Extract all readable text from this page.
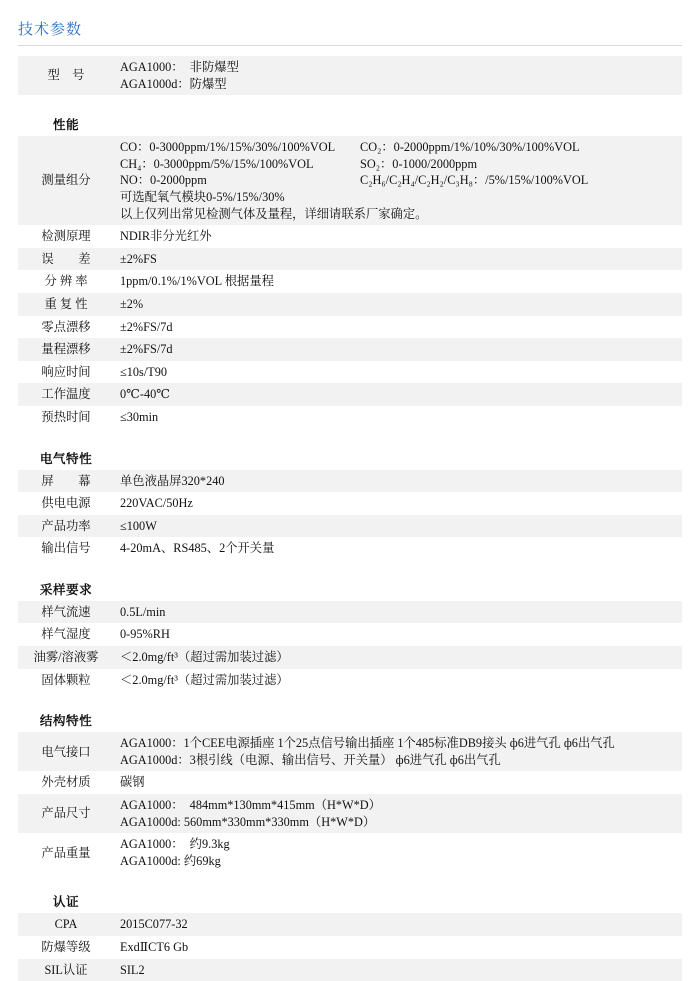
技术参数
型　号	AGA1000：　非防爆型
AGA1000d：防爆型

性能	

测量组分	
CO：0-3000ppm/1%/15%/30%/100%VOL	CO₂：0-2000ppm/1%/10%/30%/100%VOL
CH₄：0-3000ppm/5%/15%/100%VOL	SO₂：0-1000/2000ppm
NO：0-2000ppm	C₂H₆/C₂H₄/C₂H₂/C₃H₈：/5%/15%/100%VOL
可选配氧气模块0-5%/15%/30%
以上仅列出常见检测气体及量程，详细请联系厂家确定。

检测原理	NDIR非分光红外
误　　差	±2%FS
分 辨 率	1ppm/0.1%/1%VOL 根据量程
重 复 性	±2%
零点漂移	±2%FS/7d
量程漂移	±2%FS/7d
响应时间	≤10s/T90
工作温度	0℃-40℃
预热时间	≤30min

电气特性	

屏　　幕	单色液晶屏320*240
供电电源	220VAC/50Hz
产品功率	≤100W
输出信号	4-20mA、RS485、2个开关量

采样要求	

样气流速	0.5L/min
样气湿度	0-95%RH
油雾/溶液雾	＜2.0mg/ft³（超过需加装过滤）
固体颗粒	＜2.0mg/ft³（超过需加装过滤）

结构特性	

电气接口	AGA1000：1个CEE电源插座 1个25点信号输出插座 1个485标准DB9接头 ф6进气孔 ф6出气孔
AGA1000d：3根引线（电源、输出信号、开关量） ф6进气孔 ф6出气孔

外壳材质	碳钢
产品尺寸	AGA1000：　484mm*130mm*415mm（H*W*D）
AGA1000d: 560mm*330mm*330mm（H*W*D）

产品重量	AGA1000：　约9.3kg
AGA1000d: 约69kg

认证	

CPA	2015C077-32
防爆等级	ExdⅡCT6 Gb
SIL认证	SIL2
